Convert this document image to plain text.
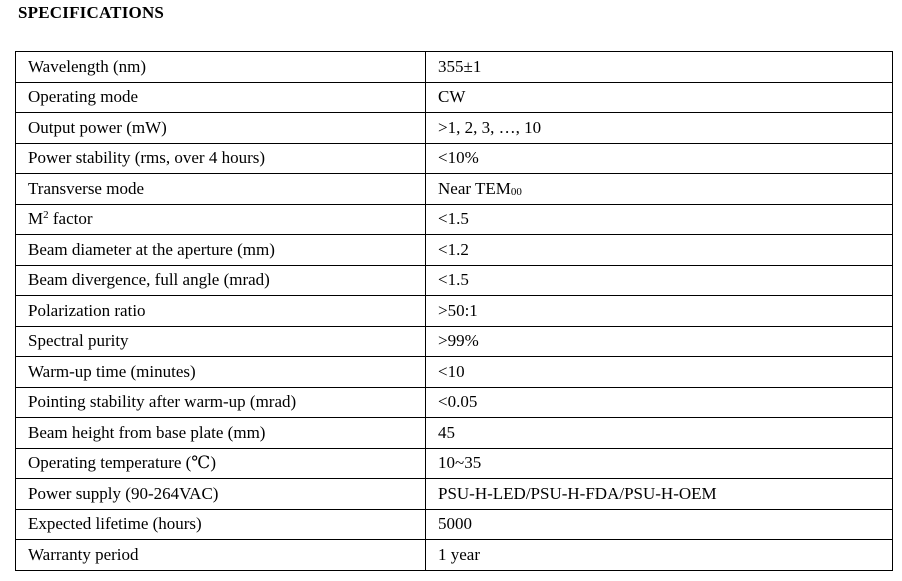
SPECIFICATIONS
Wavelength (nm)	355±1
Operating mode	CW
Output power (mW)	>1, 2, 3, …, 10
Power stability (rms, over 4 hours)	<10%
Transverse mode	Near $TEM_{00}$
$M^2$ factor	<1.5
Beam diameter at the aperture (mm)	<1.2
Beam divergence, full angle (mrad)	<1.5
Polarization ratio	>50:1
Spectral purity	>99%
Warm-up time (minutes)	<10
Pointing stability after warm-up (mrad)	<0.05
Beam height from base plate (mm)	45
Operating temperature (℃)	10~35
Power supply (90-264VAC)	PSU-H-LED/PSU-H-FDA/PSU-H-OEM
Expected lifetime (hours)	5000
Warranty period	1 year
